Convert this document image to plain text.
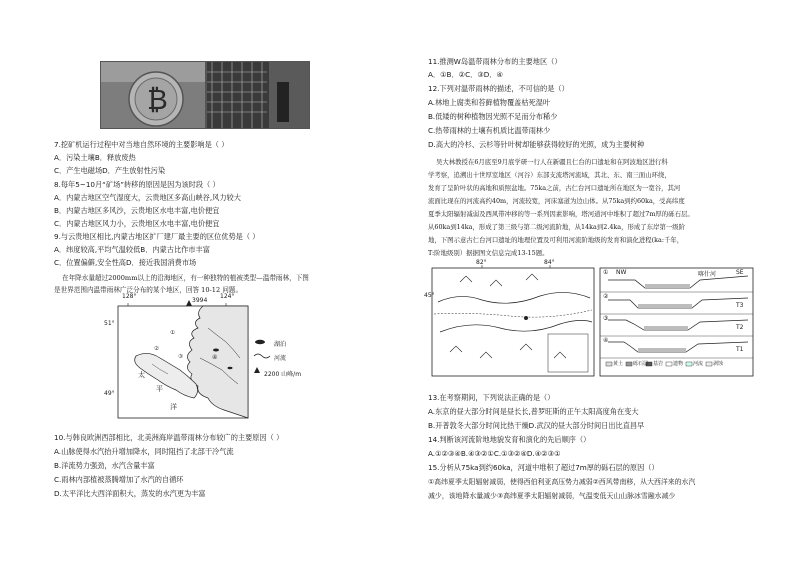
₿
7.挖矿机运行过程中对当地自然环境的主要影响是（ ）
A．污染土壤B．释放废热
C．产生电磁场D．产生放射性污染
8.每年5~10月“矿场”转移的原因是因为该时段（ ）
A．内蒙古地区空气湿度大，云贵地区多高山峡谷,风力较大
B．内蒙古地区多风沙，云贵地区水电丰富,电价便宜
C．内蒙古地区风力小，云贵地区水电丰富,电价便宜
9.与云贵地区相比,内蒙古地区扩厂建厂最主要的区位优势是（ ）
A．纬度较高,平均气温较低B．内蒙古比作市丰富
C．位置偏僻,安全性高D．接近我国消费市场
在年降水量超过2000mm以上的沿海地区，有一种独特的植被类型—温带雨林，下图
是世界范围内温带雨林广泛分布的某个地区，回答 10-12 问题。
①
②
③
128°	124°
3994
51°
49°
太
平
洋
④
湖泊
河流
2200 山峰/m
10.与韩良欧洲西部相比，北美洲海岸温带雨林分布较广的主要原因（ ）
A.山脉使得水汽抬升增加降水，同时阻挡了北部干冷气流
B.洋流势力强劲，水汽含量丰富
C.雨林内部植被蒸腾增加了水汽的自循环
D.太平洋比大西洋面积大，蒸发的水汽更为丰富
11.推测W岛温带雨林分布的主要地区（）
A．①B．②C．③D．④
12.下列对温带雨林的描述，不可信的是（）
A.林地上腐类和苔藓植物覆盖枯死湿叶
B.低矮的树种植物因光照不足而分布稀少
C.热带雨林的土壤有机质比温带雨林少
D.高大的冷杉、云杉等针叶树却能够获得较好的光照，成为主要树种
吴大林教授在6月底至9月底学研一行人在新疆且仁台的口遗址和在阿波地区进行科
学考察，追溯出十世厚室地区（河谷）东部支流塔河流域，其北、东、南三面山环绕，
发育了呈阶叶状的高地和质照盆地。75ka之前，古仁台河口遗址所在地区为一宽谷，其河
流面比现在的河流高约40m，河流较宽，河床塞道为边山体。从75ka到约60ka，受高纬度
夏季太阳辐射减弱及西风带冲移的等一系列因素影响，塔河道河中堆积了超过7m厚的砾石层。
从60ka到14ka，形成了第三级与第二级河流阶地，从14ka到2.4ka，形成了东岸第一级阶
地，下图示意古仁台河口遗址的地理位置及可利用河流阶地级的发育和演化进程(ka:千年，
T:阶地级别）据据图文信息完成13-15题。
82°	84°
45°
①
②
③
④
NW	SE
喀什河
T3
T2
T1
黄土 砾石层 基岩 遗物 河流 剥蚀
13.在考察期间，下列说法正确的是（）
A.东京的昼大部分时间是昼长长,普罗旺斯的正午太阳高度角在变大
B.开普敦冬大部分时间比热干燥D.武汉的昼大部分时间日出比直昌早
14.判断该河流阶地地貌发育和演化的先后顺序（）
A.①②③④B.④③②①C.①③②④D.④②③①
15.分析从75ka到约60ka，河道中堆积了超过7m厚的砾石层的原因（）
①高纬夏季太阳辐射减弱，使得西伯利亚高压势力减弱②西风带南移，从大西洋来的水汽
减少，该地降水量减少③高纬夏季太阳辐射减弱，气温变低天山山脉冰雪融水减少
